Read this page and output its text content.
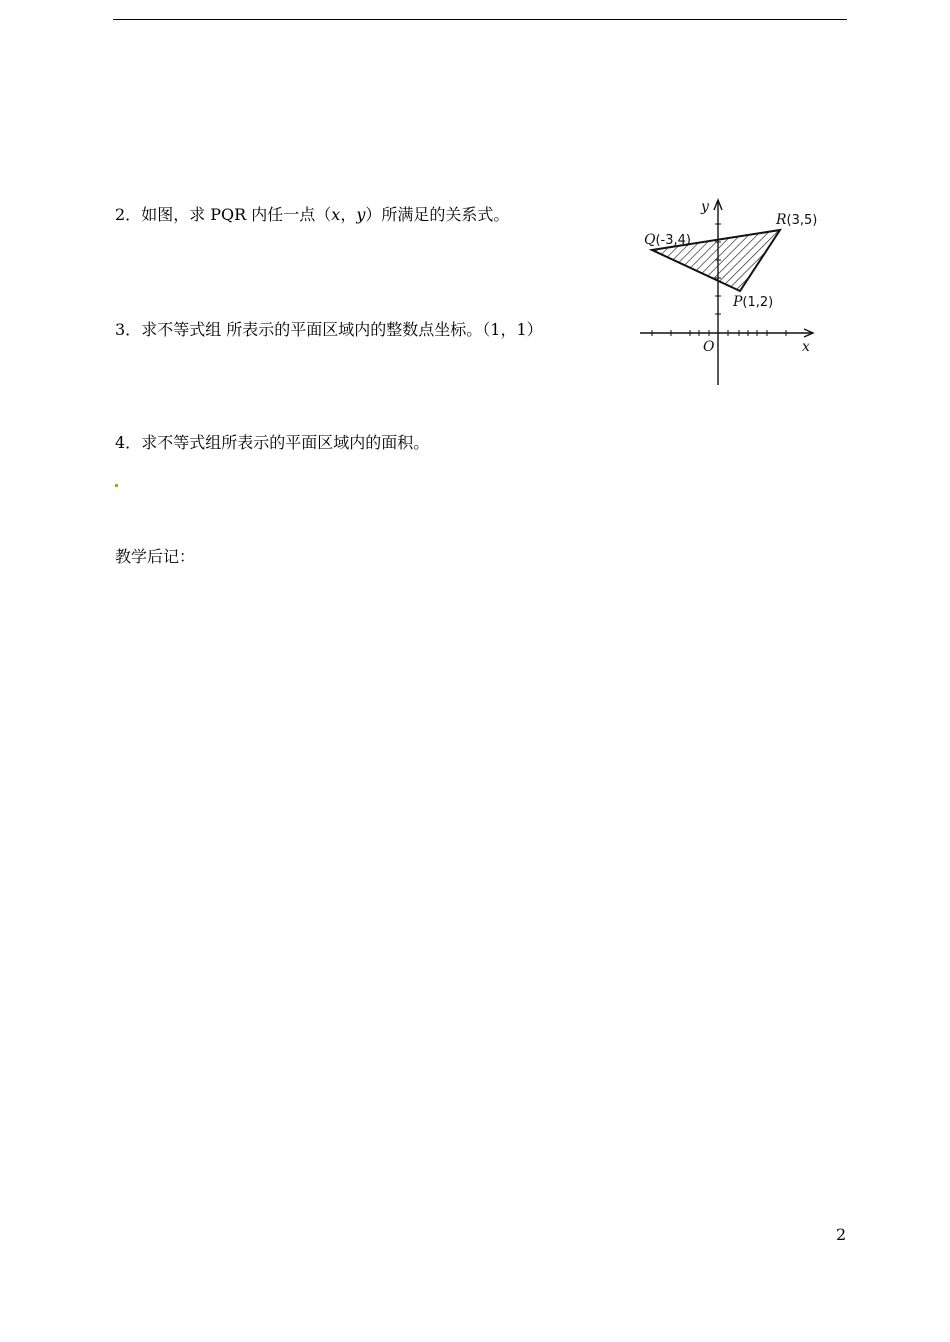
2．如图，求 PQR 内任一点（x，y）所满足的关系式。
3．求不等式组 所表示的平面区域内的整数点坐标。（1，1）
4．求不等式组所表示的平面区域内的面积。
教学后记：
y
x
O
Q(-3,4)
R(3,5)
P(1,2)
2
